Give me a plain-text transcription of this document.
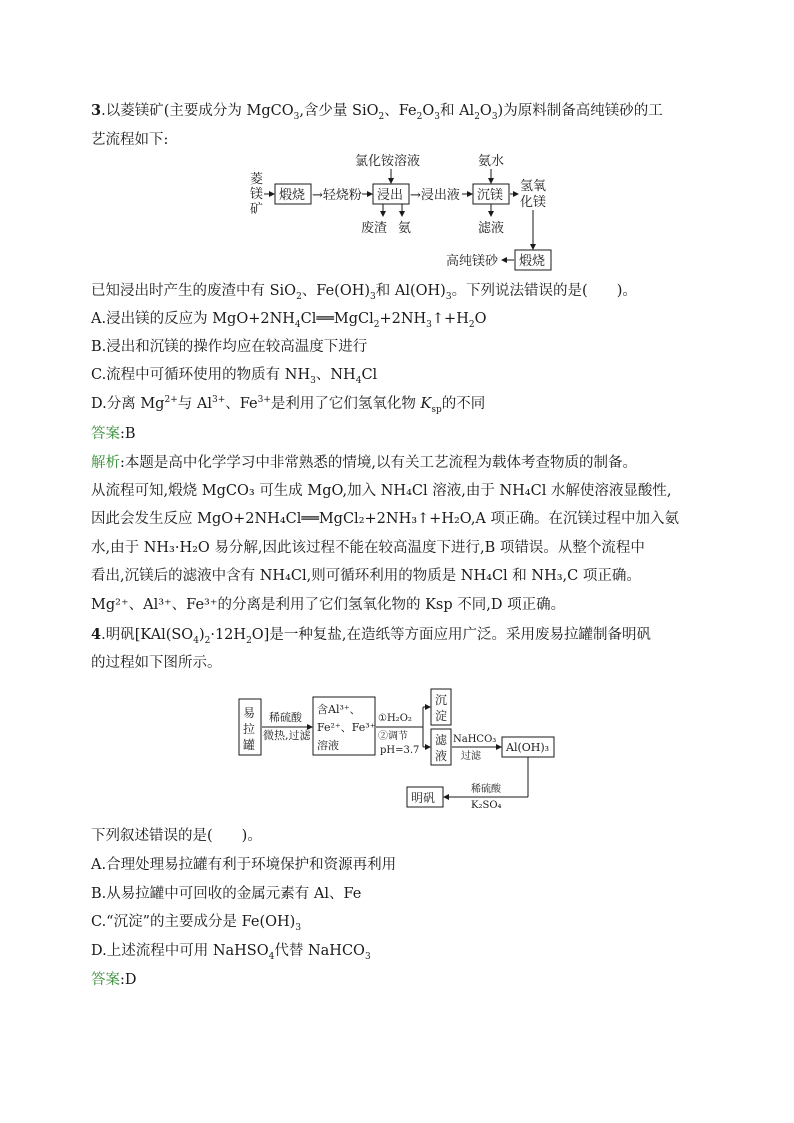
3.以菱镁矿(主要成分为 MgCO$_3$,含少量 SiO$_2$、$Fe_2O_3$和 $Al_2O_3$)为原料制备高纯镁砂的工
艺流程如下:
菱
镁
矿
煅烧 →轻烧粉 浸出
氯化铵溶液
废渣 氨
→浸出液 沉镁
氨水
滤液
氢氧
化镁
煅烧
高纯镁砂
已知浸出时产生的废渣中有 SiO$_2$、$Fe(OH)_3$和 $Al(OH)_3$。下列说法错误的是(　　)。
A.浸出镁的反应为 $MgO+2NH_4Cl══MgCl_2+2NH_3↑+H_2O$
B.浸出和沉镁的操作均应在较高温度下进行
C.流程中可循环使用的物质有 $NH_3$、$NH_4Cl$
D.分离 $Mg^{2+}$与 $Al^{3+}$、$Fe^{3+}$是利用了它们氢氧化物 $K_{sp}$的不同
答案:B
解析:本题是高中化学学习中非常熟悉的情境,以有关工艺流程为载体考查物质的制备。
从流程可知,煅烧 MgCO₃ 可生成 MgO,加入 NH₄Cl 溶液,由于 NH₄Cl 水解使溶液显酸性,
因此会发生反应 MgO+2NH₄Cl══MgCl₂+2NH₃↑+H₂O,A 项正确。在沉镁过程中加入氨
水,由于 NH₃·H₂O 易分解,因此该过程不能在较高温度下进行,B 项错误。从整个流程中
看出,沉镁后的滤液中含有 NH₄Cl,则可循环利用的物质是 NH₄Cl 和 NH₃,C 项正确。
Mg²⁺、Al³⁺、Fe³⁺的分离是利用了它们氢氧化物的 Ksp 不同,D 项正确。
4.明矾$[KAl(SO_4)_2\cdot 12H_2O]$是一种复盐,在造纸等方面应用广泛。采用废易拉罐制备明矾
的过程如下图所示。
易
拉
罐
稀硫酸
微热,过滤
含Al³⁺、
Fe²⁺、Fe³⁺
溶液
①H₂O₂
②调节
pH=3.7
沉
淀
滤
液
NaHCO₃
过滤
Al(OH)₃
稀硫酸
K₂SO₄
明矾
下列叙述错误的是(　　)。
A.合理处理易拉罐有利于环境保护和资源再利用
B.从易拉罐中可回收的金属元素有 Al、Fe
C.“沉淀”的主要成分是 $Fe(OH)_3$
D.上述流程中可用 NaHSO$_4$代替 NaHCO$_3$
答案:D
